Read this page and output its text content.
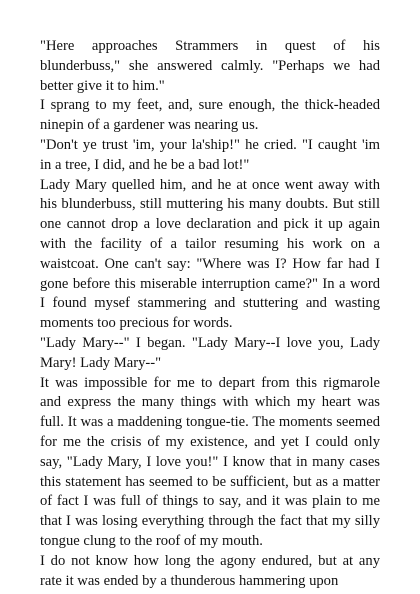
"Here approaches Strammers in quest of his blunderbuss," she answered calmly. "Perhaps we had better give it to him."

I sprang to my feet, and, sure enough, the thick-headed ninepin of a gardener was nearing us.

"Don't ye trust 'im, your la'ship!" he cried. "I caught 'im in a tree, I did, and he be a bad lot!"

Lady Mary quelled him, and he at once went away with his blunderbuss, still muttering his many doubts. But still one cannot drop a love declaration and pick it up again with the facility of a tailor resuming his work on a waistcoat. One can't say: "Where was I? How far had I gone before this miserable interruption came?" In a word I found mysef stammering and stuttering and wasting moments too precious for words.

"Lady Mary--" I began. "Lady Mary--I love you, Lady Mary! Lady Mary--"

It was impossible for me to depart from this rigmarole and express the many things with which my heart was full. It was a maddening tongue-tie. The moments seemed for me the crisis of my existence, and yet I could only say, "Lady Mary, I love you!" I know that in many cases this statement has seemed to be sufficient, but as a matter of fact I was full of things to say, and it was plain to me that I was losing everything through the fact that my silly tongue clung to the roof of my mouth.

I do not know how long the agony endured, but at any rate it was ended by a thunderous hammering upon
